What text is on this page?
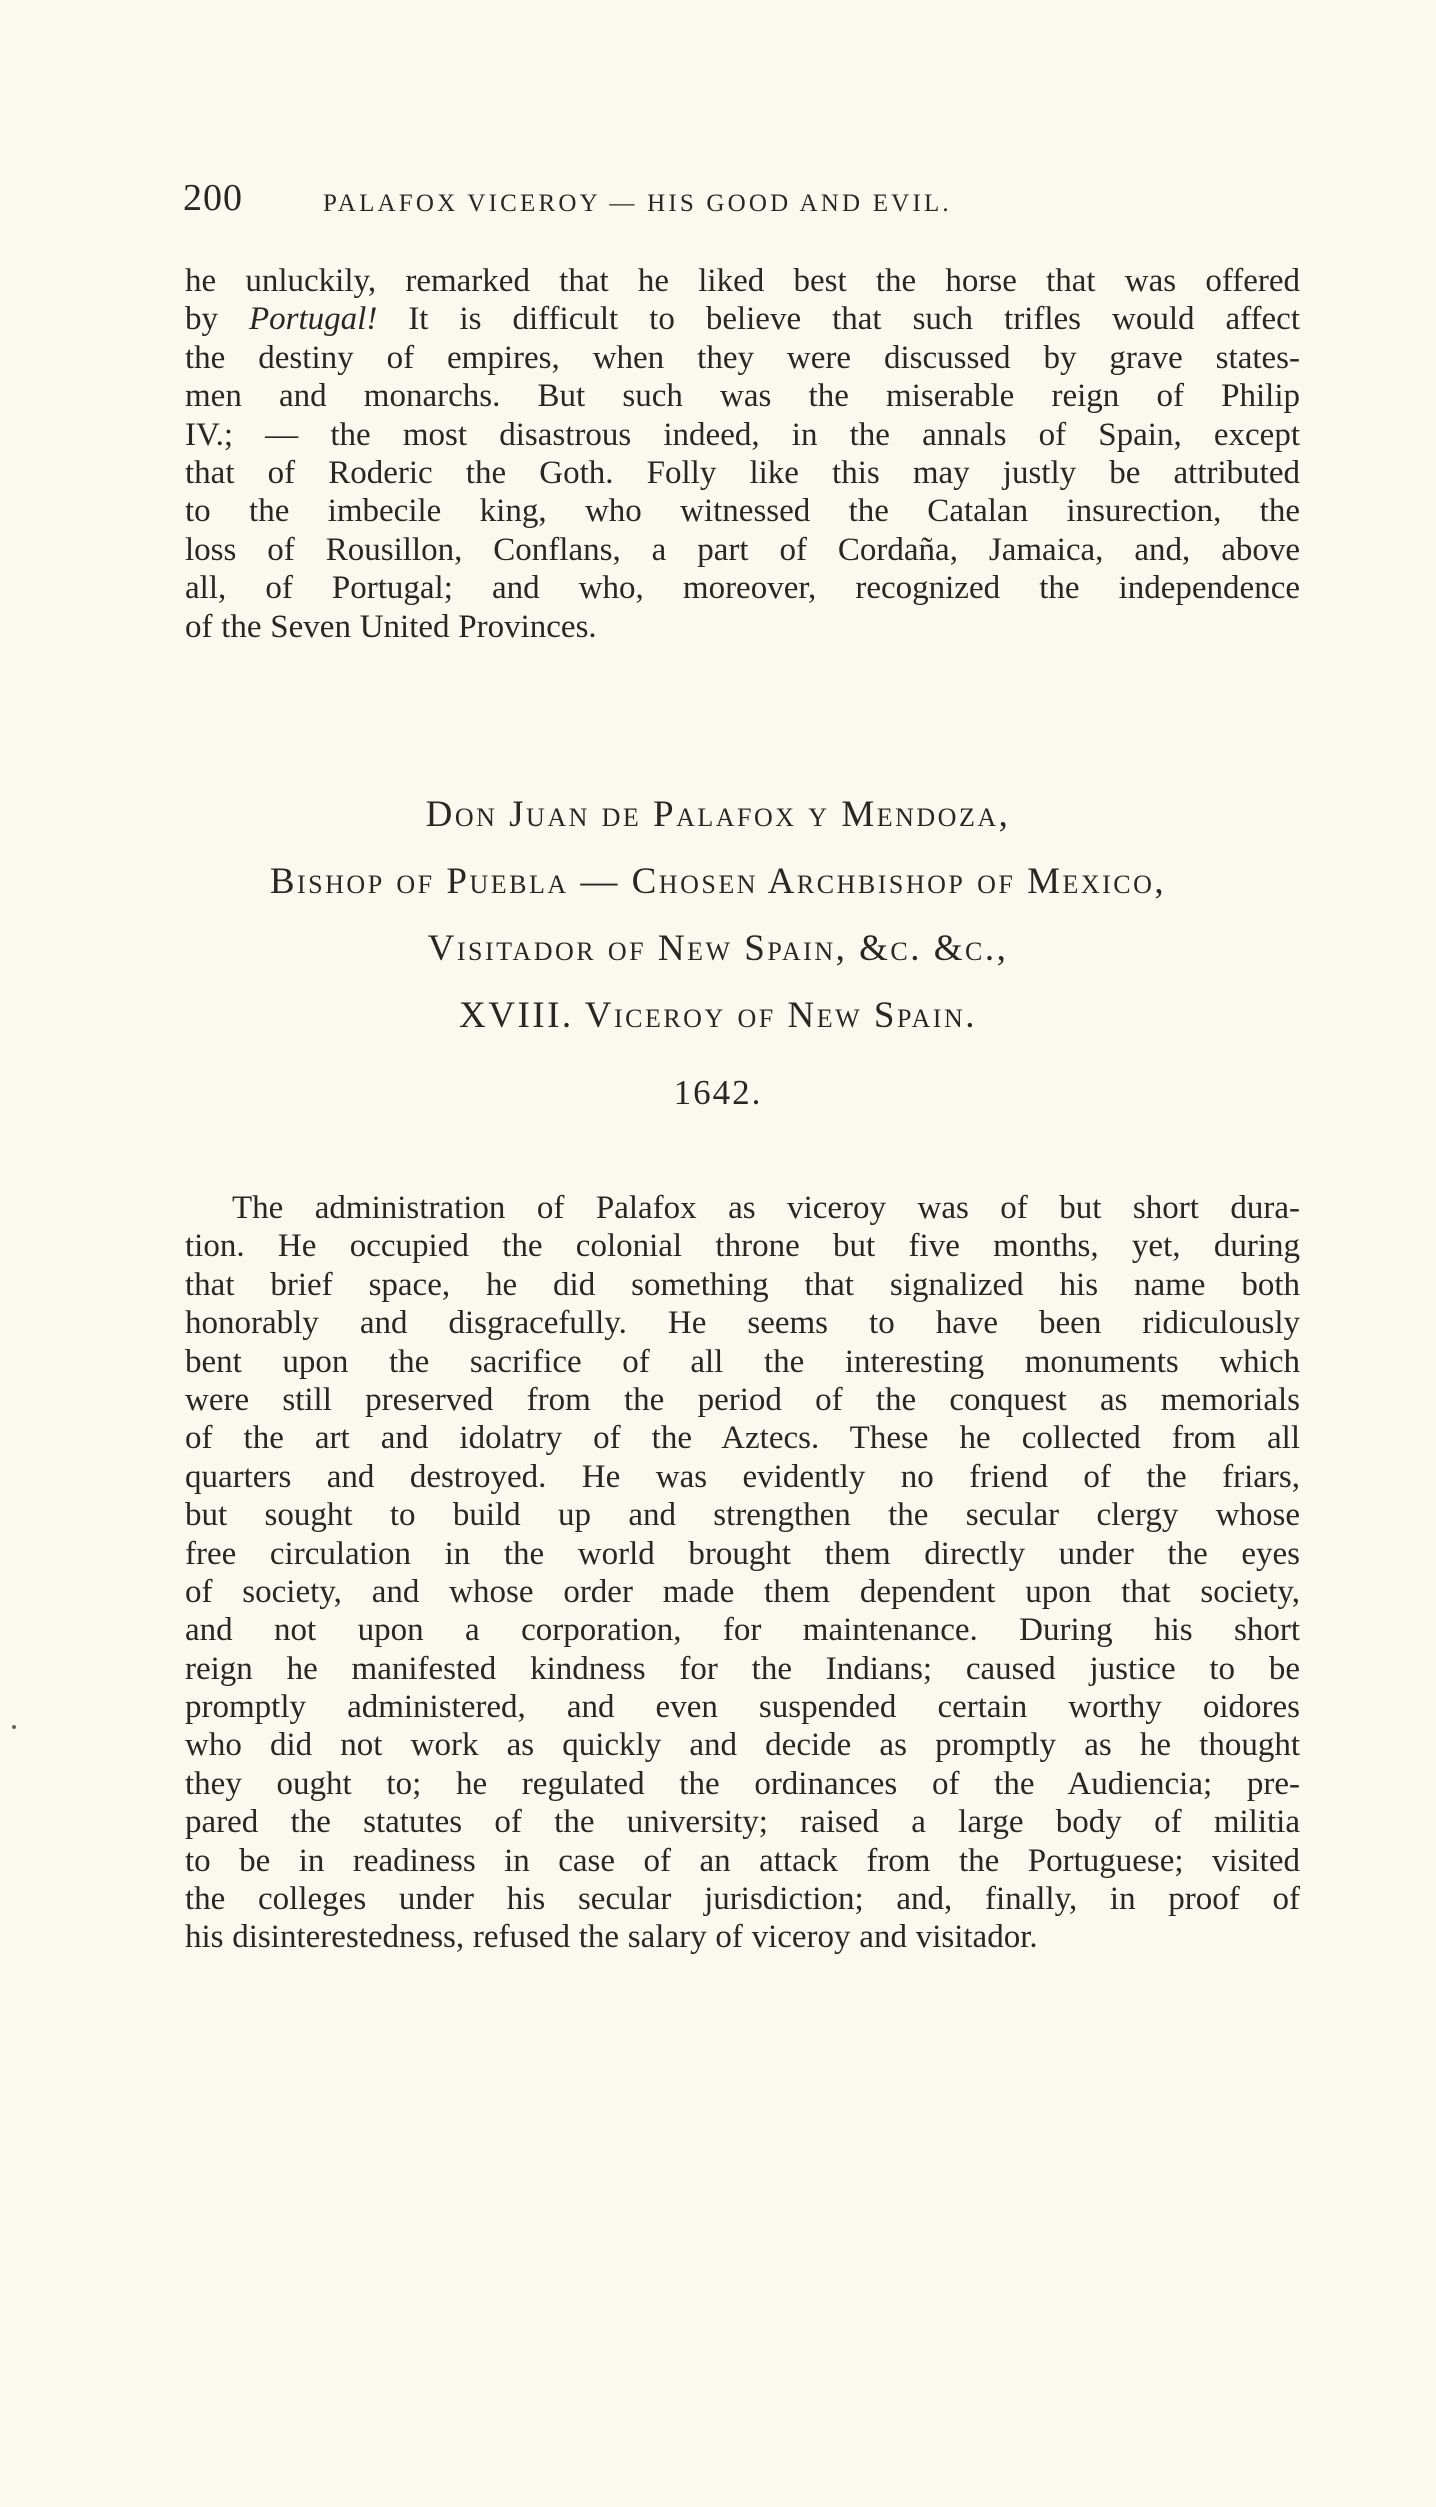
200	PALAFOX VICEROY — HIS GOOD AND EVIL.
he unluckily, remarked that he liked best the horse that was offered
by Portugal! It is difficult to believe that such trifles would affect
the destiny of empires, when they were discussed by grave states-
men and monarchs. But such was the miserable reign of Philip
IV.; — the most disastrous indeed, in the annals of Spain, except
that of Roderic the Goth. Folly like this may justly be attributed
to the imbecile king, who witnessed the Catalan insurection, the
loss of Rousillon, Conflans, a part of Cordaña, Jamaica, and, above
all, of Portugal; and who, moreover, recognized the independence
of the Seven United Provinces.
Don Juan de Palafox y Mendoza,
Bishop of Puebla — Chosen Archbishop of Mexico,
Visitador of New Spain, &c. &c.,
XVIII. Viceroy of New Spain.
1642.
The administration of Palafox as viceroy was of but short dura-
tion. He occupied the colonial throne but five months, yet, during
that brief space, he did something that signalized his name both
honorably and disgracefully. He seems to have been ridiculously
bent upon the sacrifice of all the interesting monuments which
were still preserved from the period of the conquest as memorials
of the art and idolatry of the Aztecs. These he collected from all
quarters and destroyed. He was evidently no friend of the friars,
but sought to build up and strengthen the secular clergy whose
free circulation in the world brought them directly under the eyes
of society, and whose order made them dependent upon that society,
and not upon a corporation, for maintenance. During his short
reign he manifested kindness for the Indians; caused justice to be
promptly administered, and even suspended certain worthy oidores
who did not work as quickly and decide as promptly as he thought
they ought to; he regulated the ordinances of the Audiencia; pre-
pared the statutes of the university; raised a large body of militia
to be in readiness in case of an attack from the Portuguese; visited
the colleges under his secular jurisdiction; and, finally, in proof of
his disinterestedness, refused the salary of viceroy and visitador.
